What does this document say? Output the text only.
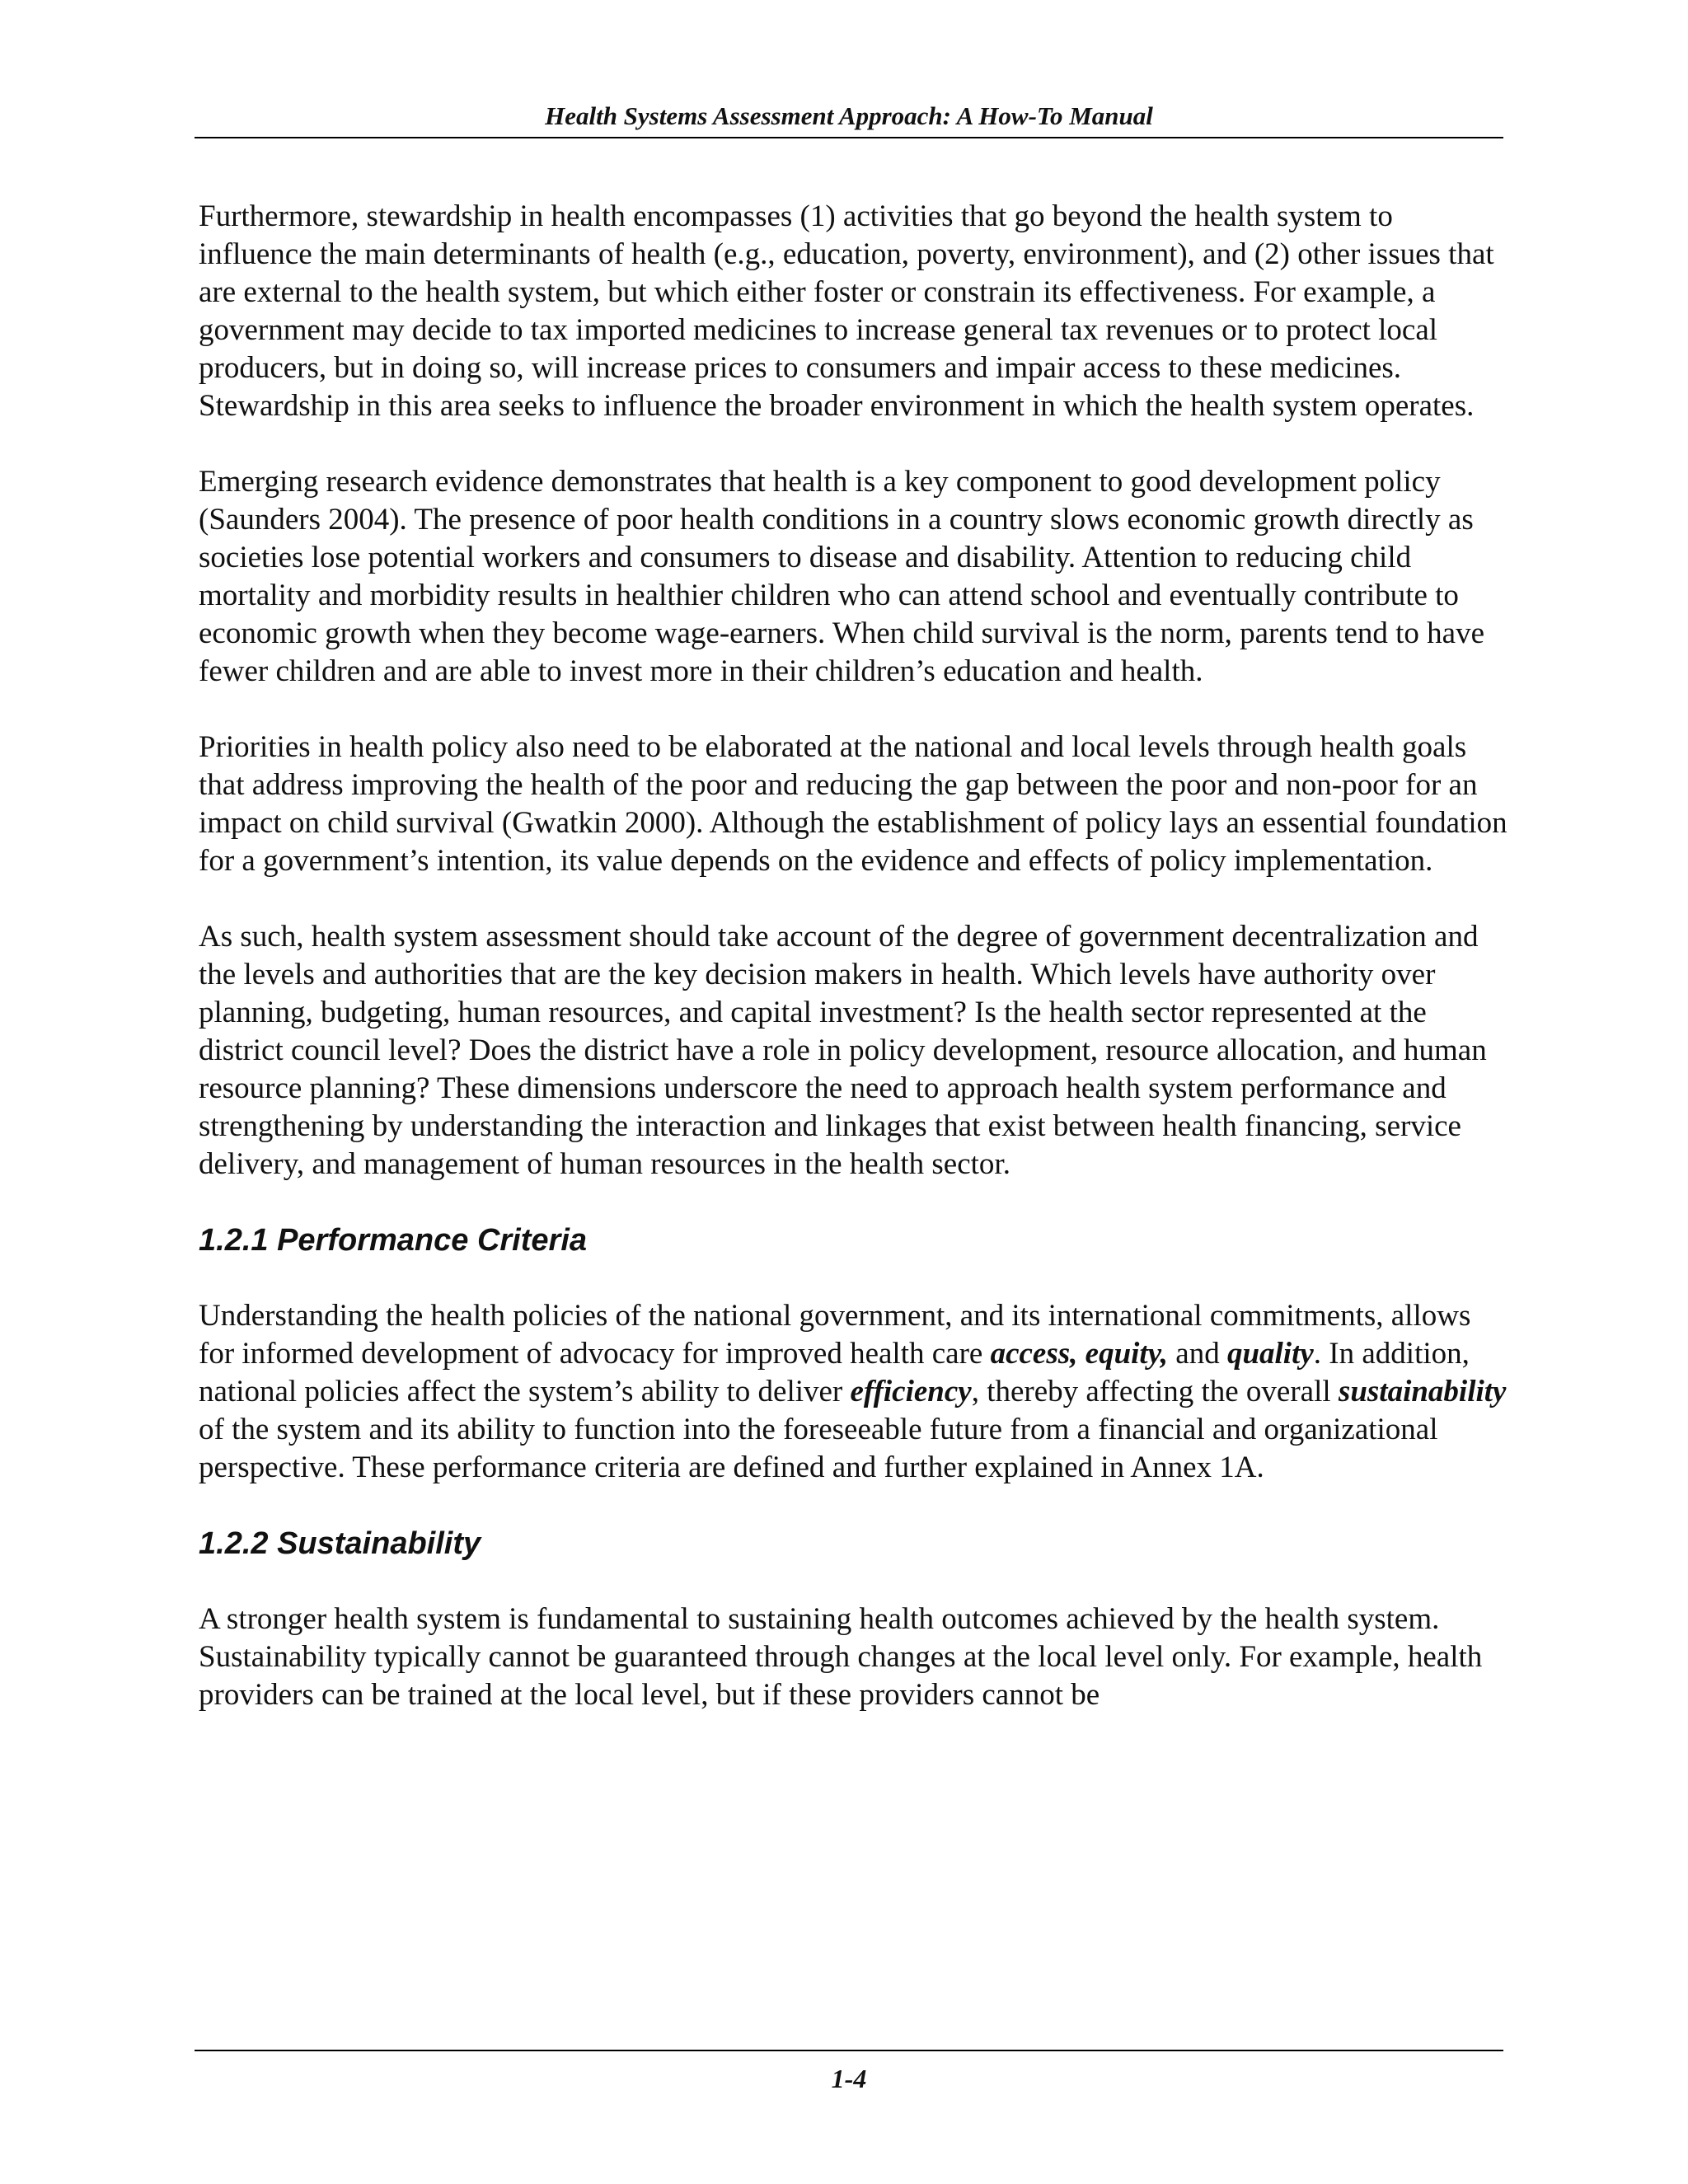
Health Systems Assessment Approach: A How-To Manual

Furthermore, stewardship in health encompasses (1) activities that go beyond the health system to influence the main determinants of health (e.g., education, poverty, environment), and (2) other issues that are external to the health system, but which either foster or constrain its effectiveness. For example, a government may decide to tax imported medicines to increase general tax revenues or to protect local producers, but in doing so, will increase prices to consumers and impair access to these medicines. Stewardship in this area seeks to influence the broader environment in which the health system operates.

Emerging research evidence demonstrates that health is a key component to good development policy (Saunders 2004). The presence of poor health conditions in a country slows economic growth directly as societies lose potential workers and consumers to disease and disability. Attention to reducing child mortality and morbidity results in healthier children who can attend school and eventually contribute to economic growth when they become wage-earners. When child survival is the norm, parents tend to have fewer children and are able to invest more in their children’s education and health.

Priorities in health policy also need to be elaborated at the national and local levels through health goals that address improving the health of the poor and reducing the gap between the poor and non-poor for an impact on child survival (Gwatkin 2000). Although the establishment of policy lays an essential foundation for a government’s intention, its value depends on the evidence and effects of policy implementation.

As such, health system assessment should take account of the degree of government decentralization and the levels and authorities that are the key decision makers in health. Which levels have authority over planning, budgeting, human resources, and capital investment? Is the health sector represented at the district council level? Does the district have a role in policy development, resource allocation, and human resource planning? These dimensions underscore the need to approach health system performance and strengthening by understanding the interaction and linkages that exist between health financing, service delivery, and management of human resources in the health sector.

1.2.1 Performance Criteria

Understanding the health policies of the national government, and its international commitments, allows for informed development of advocacy for improved health care access, equity, and quality. In addition, national policies affect the system’s ability to deliver efficiency, thereby affecting the overall sustainability of the system and its ability to function into the foreseeable future from a financial and organizational perspective. These performance criteria are defined and further explained in Annex 1A.

1.2.2 Sustainability

A stronger health system is fundamental to sustaining health outcomes achieved by the health system. Sustainability typically cannot be guaranteed through changes at the local level only. For example, health providers can be trained at the local level, but if these providers cannot be

1-4
